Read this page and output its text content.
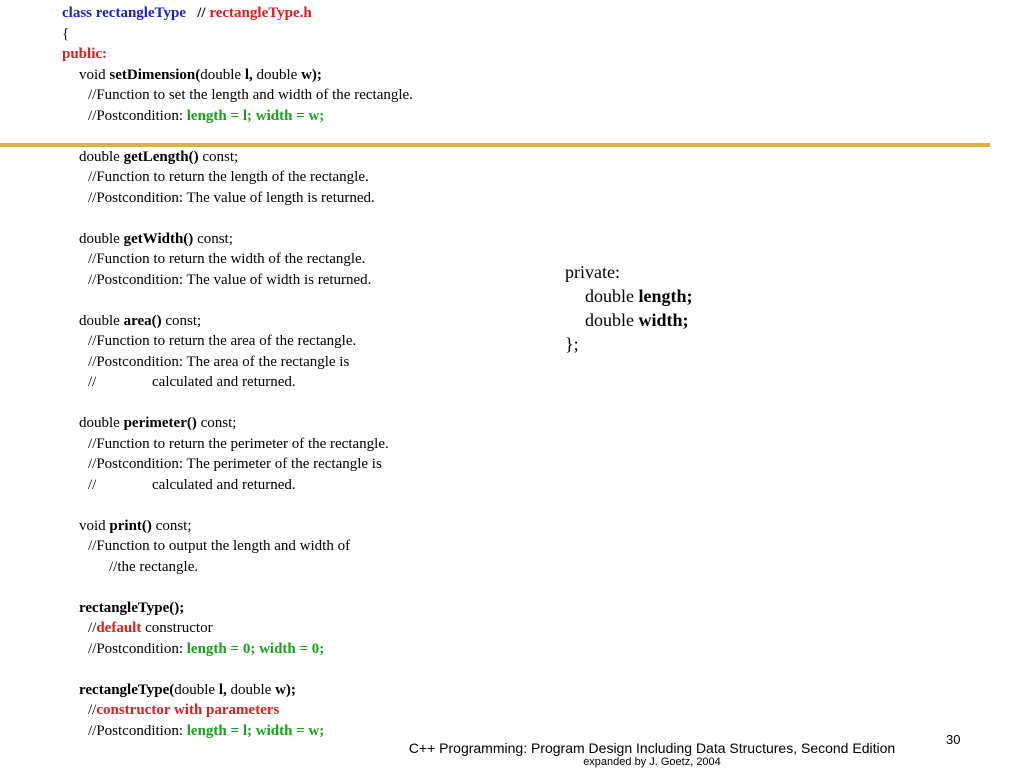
class rectangleType // rectangleType.h
{
public:
void setDimension(double l, double w);
//Function to set the length and width of the rectangle.
//Postcondition: length = l; width = w;

double getLength() const;
//Function to return the length of the rectangle.
//Postcondition: The value of length is returned.

double getWidth() const;
//Function to return the width of the rectangle.
//Postcondition: The value of width is returned.

double area() const;
//Function to return the area of the rectangle.
//Postcondition: The area of the rectangle is
//	calculated and returned.

double perimeter() const;
//Function to return the perimeter of the rectangle.
//Postcondition: The perimeter of the rectangle is
//	calculated and returned.

void print() const;
//Function to output the length and width of
//the rectangle.

rectangleType();
//default constructor
//Postcondition: length = 0; width = 0;

rectangleType(double l, double w);
//constructor with parameters
//Postcondition: length = l; width = w;
private:
double length;
double width;
};
30
C++ Programming: Program Design Including Data Structures, Second Edition
expanded by J. Goetz, 2004
